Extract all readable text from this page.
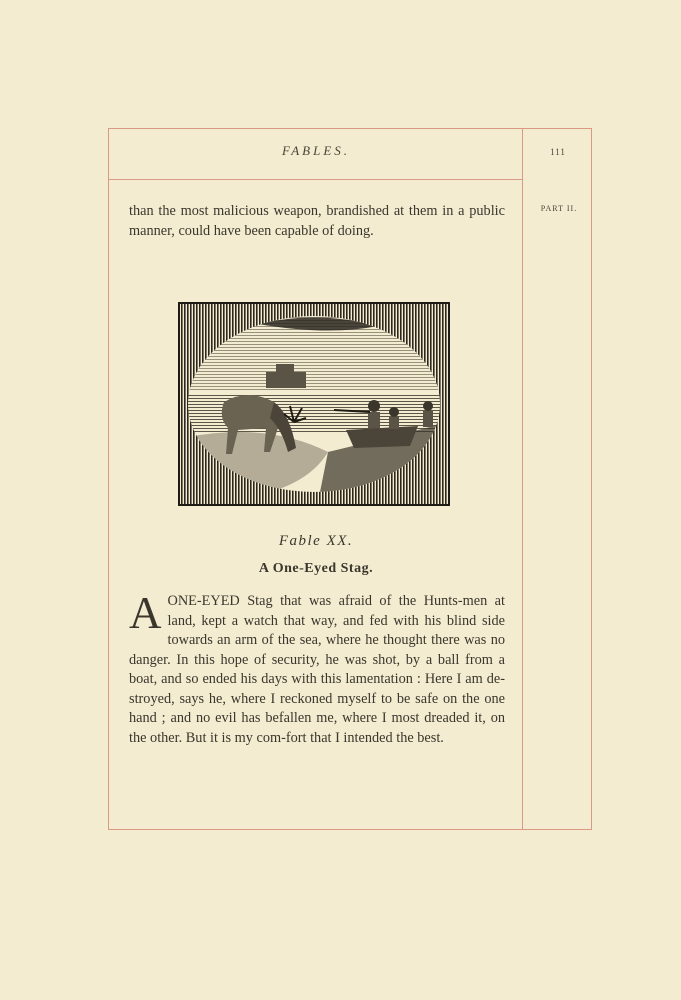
FABLES.	111
PART II.
than the most malicious weapon, brandished at them in a public manner, could have been capable of doing.
Fable XX.
A One-Eyed Stag.
A ONE-EYED Stag that was afraid of the Hunts-men at land, kept a watch that way, and fed with his blind side towards an arm of the sea, where he thought there was no danger. In this hope of security, he was shot, by a ball from a boat, and so ended his days with this lamentation : Here I am de-stroyed, says he, where I reckoned myself to be safe on the one hand ; and no evil has befallen me, where I most dreaded it, on the other. But it is my com-fort that I intended the best.
